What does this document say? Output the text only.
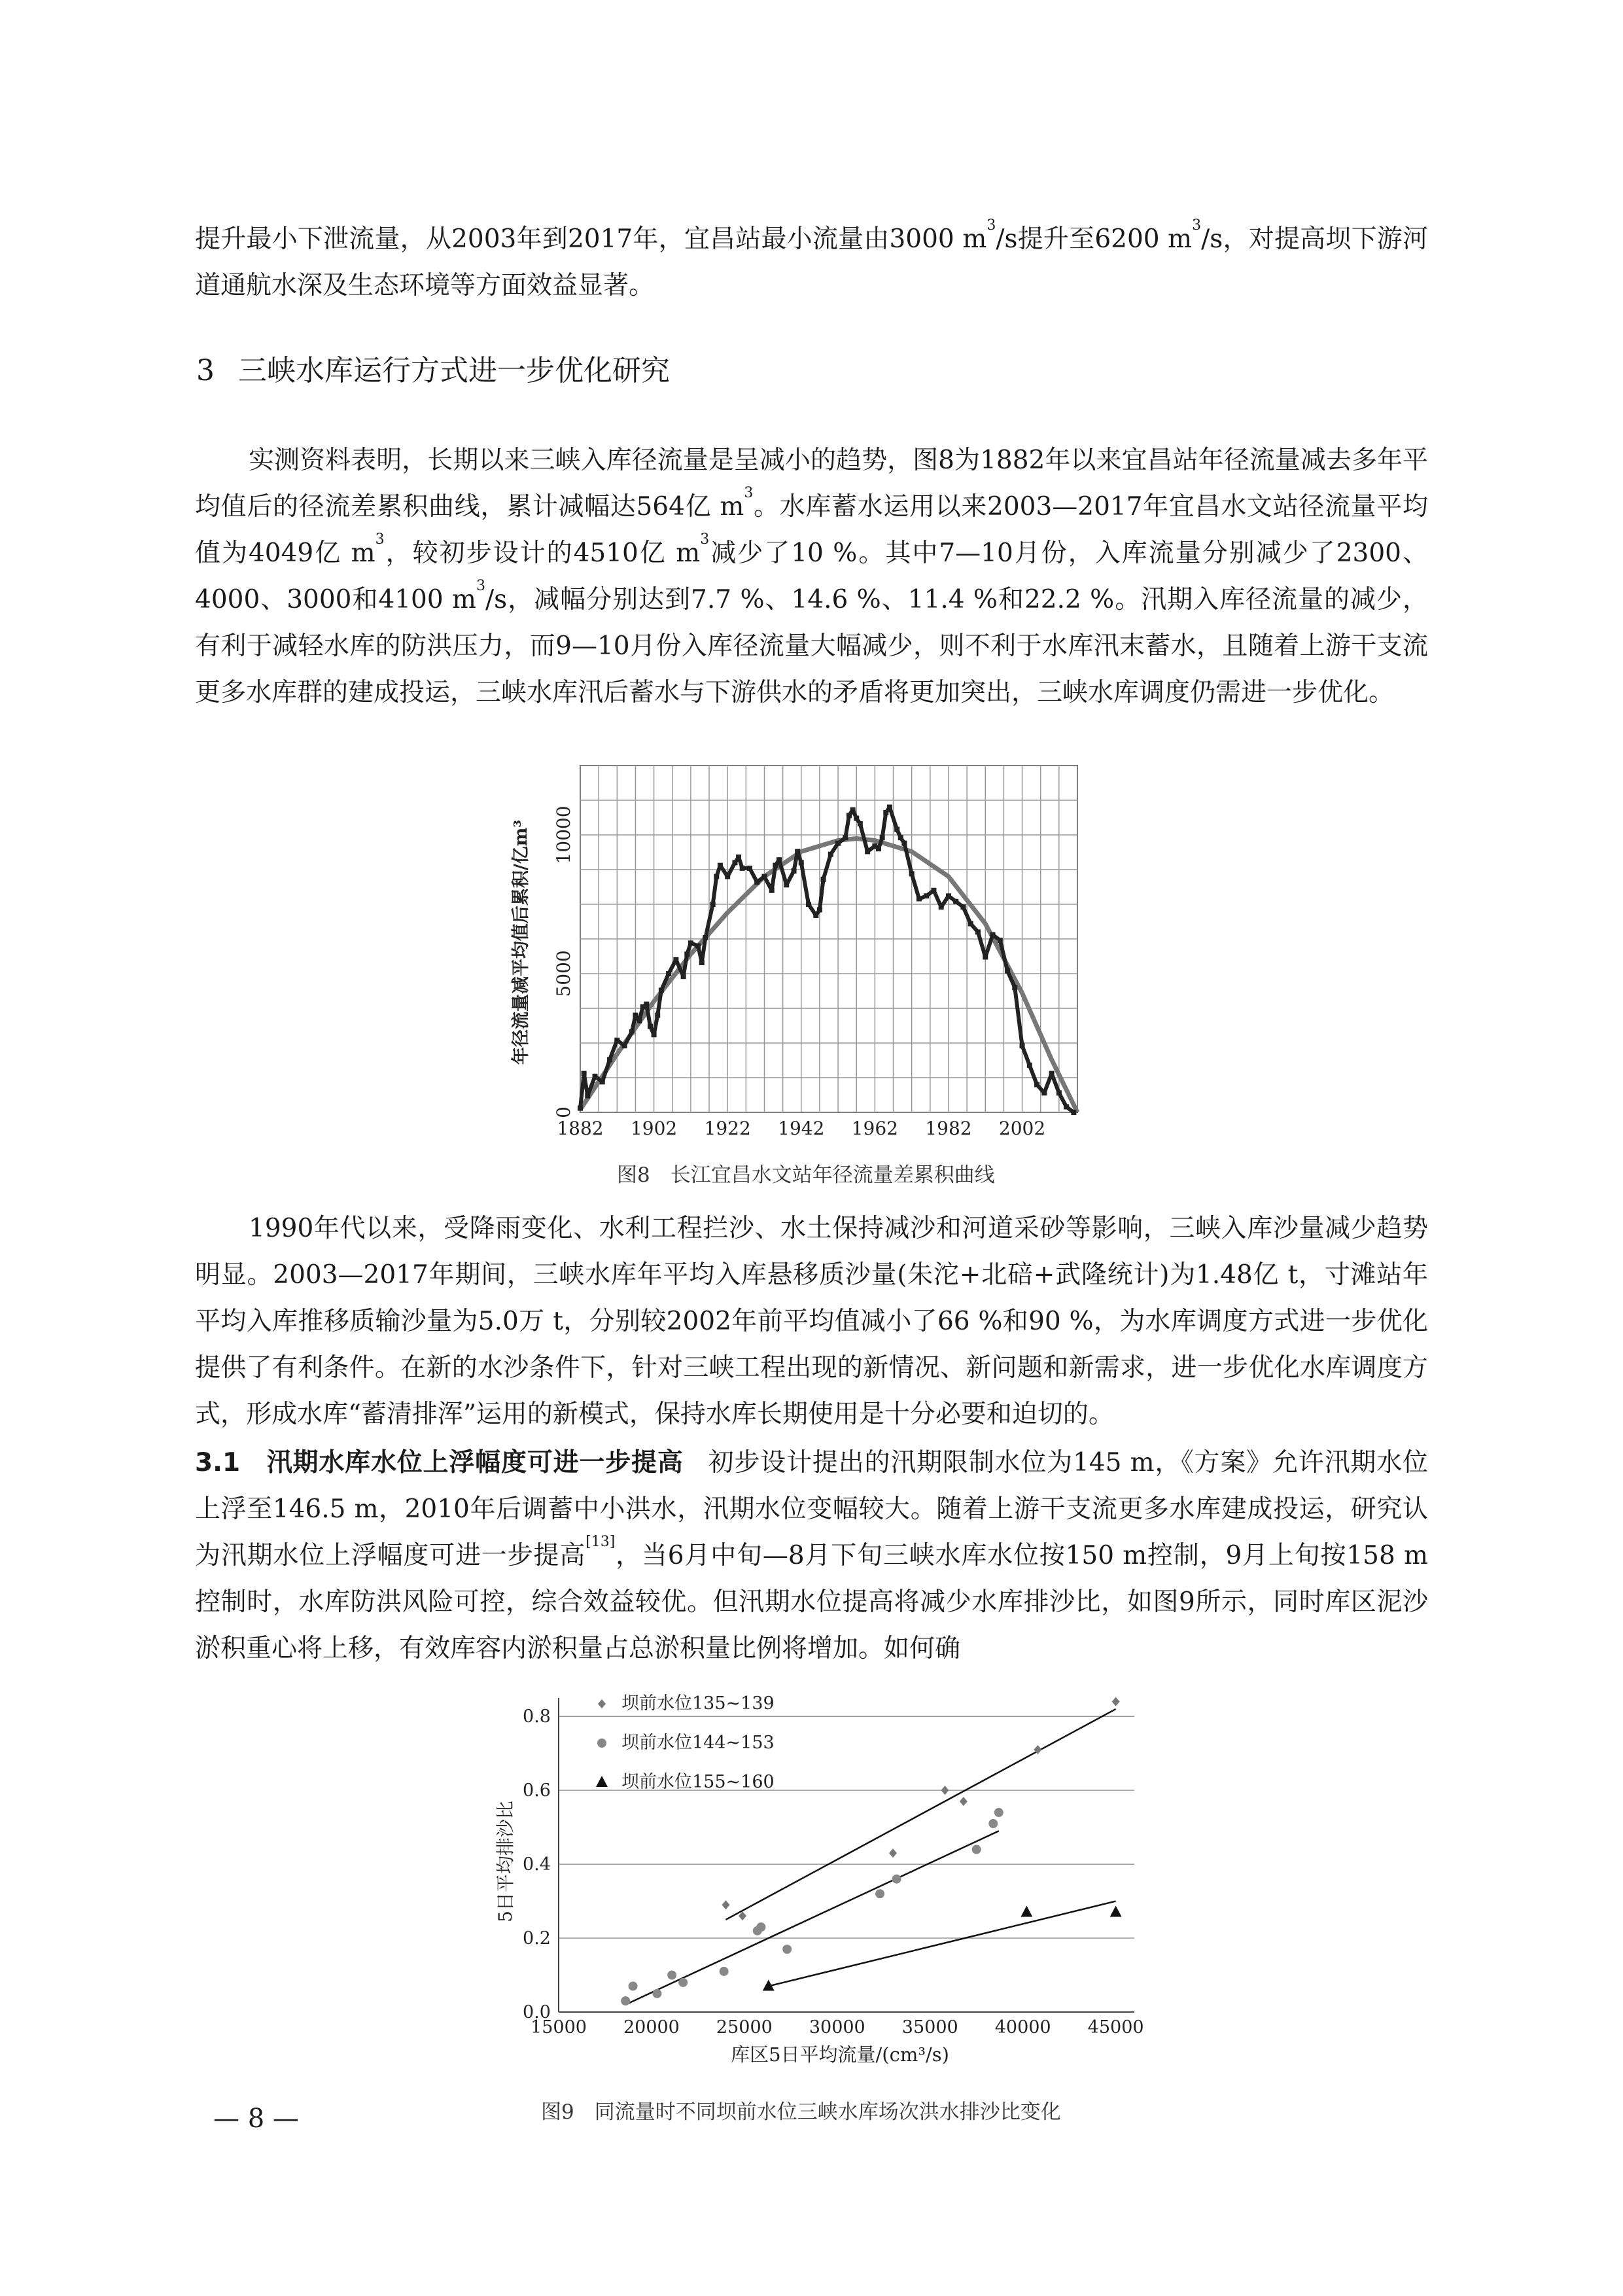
提升最小下泄流量，从2003年到2017年，宜昌站最小流量由3000 $m^3/s$提升至6200 $m^3/s$，对提高坝下游河道通航水深及生态环境等方面效益显著。

3 三峡水库运行方式进一步优化研究

实测资料表明，长期以来三峡入库径流量是呈减小的趋势，图8为1882年以来宜昌站年径流量减去多年平均值后的径流差累积曲线，累计减幅达564亿 $m^3$。水库蓄水运用以来2003—2017年宜昌水文站径流量平均值为4049亿 $m^3$，较初步设计的4510亿 $m^3$减少了10 %。其中7—10月份，入库流量分别减少了2300、4000、3000和4100 $m^3/s$，减幅分别达到7.7 %、14.6 %、11.4 %和22.2 %。汛期入库径流量的减少，有利于减轻水库的防洪压力，而9—10月份入库径流量大幅减少，则不利于水库汛末蓄水，且随着上游干支流更多水库群的建成投运，三峡水库汛后蓄水与下游供水的矛盾将更加突出，三峡水库调度仍需进一步优化。

1882 1902 1922 1942 1962 1982 2002
0
5000
10000
年径流量减平均值后累积/亿m³

图8　长江宜昌水文站年径流量差累积曲线

1990年代以来，受降雨变化、水利工程拦沙、水土保持减沙和河道采砂等影响，三峡入库沙量减少趋势明显。2003—2017年期间，三峡水库年平均入库悬移质沙量(朱沱+北碚+武隆统计)为1.48亿 t，寸滩站年平均入库推移质输沙量为5.0万 t，分别较2002年前平均值减小了66 %和90 %，为水库调度方式进一步优化提供了有利条件。在新的水沙条件下，针对三峡工程出现的新情况、新问题和新需求，进一步优化水库调度方式，形成水库“蓄清排浑”运用的新模式，保持水库长期使用是十分必要和迫切的。

3.1　汛期水库水位上浮幅度可进一步提高 初步设计提出的汛期限制水位为145 m，《方案》允许汛期水位上浮至146.5 m，2010年后调蓄中小洪水，汛期水位变幅较大。随着上游干支流更多水库建成投运，研究认为汛期水位上浮幅度可进一步提高[13]，当6月中旬—8月下旬三峡水库水位按150 m控制，9月上旬按158 m控制时，水库防洪风险可控，综合效益较优。但汛期水位提高将减少水库排沙比，如图9所示，同时库区泥沙淤积重心将上移，有效库容内淤积量占总淤积量比例将增加。如何确

15000 20000 25000 30000 35000 40000 45000
0.0
0.2
0.4
0.6
0.8
坝前水位135~139
坝前水位144~153
坝前水位155~160
库区5日平均流量/(cm³/s)
5日平均排沙比

图9　同流量时不同坝前水位三峡水库场次洪水排沙比变化

— 8 —
